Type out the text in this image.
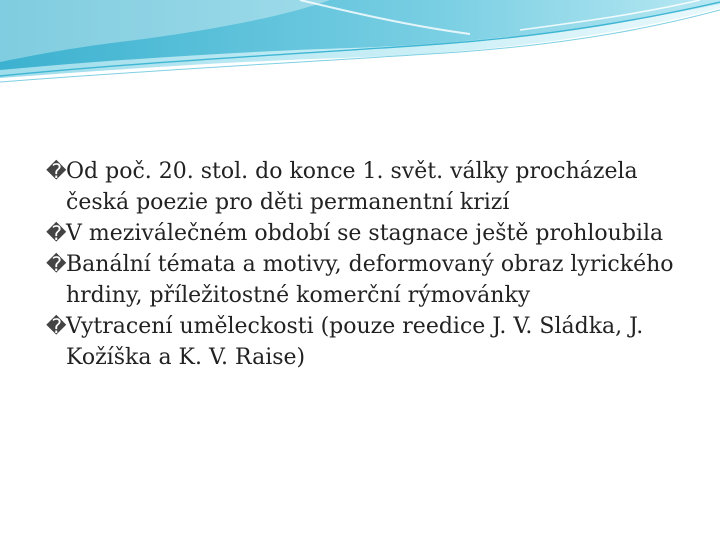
� Od poč. 20. stol. do konce 1. svět. války procházela česká poezie pro děti permanentní krizí

� V meziválečném období se stagnace ještě prohloubila

� Banální témata a motivy, deformovaný obraz lyrického hrdiny, příležitostné komerční rýmovánky

� Vytracení uměleckosti (pouze reedice J. V. Sládka, J. Kožíška a K. V. Raise)
